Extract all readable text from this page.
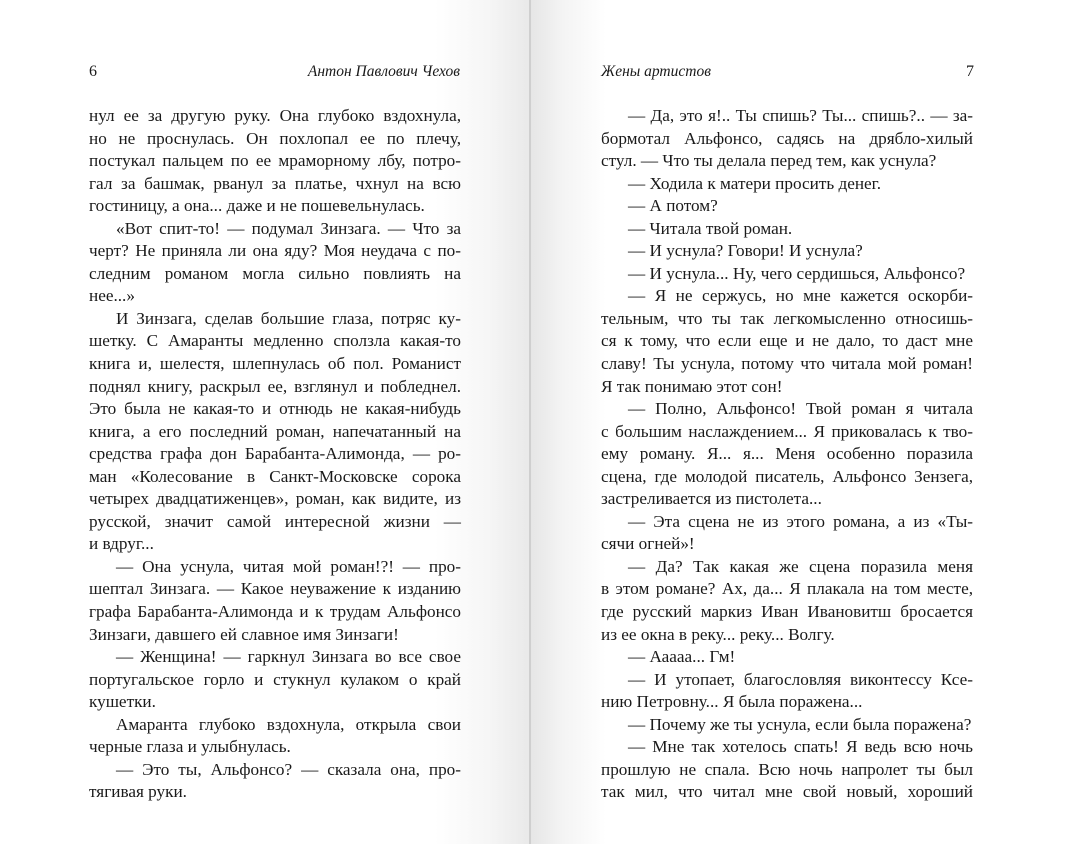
6	Антон Павлович Чехов
нул ее за другую руку. Она глубоко вздохнула,
но не проснулась. Он похлопал ее по плечу,
постукал пальцем по ее мраморному лбу, потро-
гал за башмак, рванул за платье, чхнул на всю
гостиницу, а она... даже и не пошевельнулась.
«Вот спит-то! — подумал Зинзага. — Что за
черт? Не приняла ли она яду? Моя неудача с по-
следним романом могла сильно повлиять на
нее...»
И Зинзага, сделав большие глаза, потряс ку-
шетку. С Амаранты медленно сползла какая-то
книга и, шелестя, шлепнулась об пол. Романист
поднял книгу, раскрыл ее, взглянул и побледнел.
Это была не какая-то и отнюдь не какая-нибудь
книга, а его последний роман, напечатанный на
средства графа дон Барабанта-Алимонда, — ро-
ман «Колесование в Санкт-Московске сорока
четырех двадцатиженцев», роман, как видите, из
русской, значит самой интересной жизни —
и вдруг...
— Она уснула, читая мой роман!?! — про-
шептал Зинзага. — Какое неуважение к изданию
графа Барабанта-Алимонда и к трудам Альфонсо
Зинзаги, давшего ей славное имя Зинзаги!
— Женщина! — гаркнул Зинзага во все свое
португальское горло и стукнул кулаком о край
кушетки.
Амаранта глубоко вздохнула, открыла свои
черные глаза и улыбнулась.
— Это ты, Альфонсо? — сказала она, про-
тягивая руки.
Жены артистов	7
— Да, это я!.. Ты спишь? Ты... спишь?.. — за-
бормотал Альфонсо, садясь на дрябло-хилый
стул. — Что ты делала перед тем, как уснула?
— Ходила к матери просить денег.
— А потом?
— Читала твой роман.
— И уснула? Говори! И уснула?
— И уснула... Ну, чего сердишься, Альфонсо?
— Я не сержусь, но мне кажется оскорби-
тельным, что ты так легкомысленно относишь-
ся к тому, что если еще и не дало, то даст мне
славу! Ты уснула, потому что читала мой роман!
Я так понимаю этот сон!
— Полно, Альфонсо! Твой роман я читала
с большим наслаждением... Я приковалась к тво-
ему роману. Я... я... Меня особенно поразила
сцена, где молодой писатель, Альфонсо Зензега,
застреливается из пистолета...
— Эта сцена не из этого романа, а из «Ты-
сячи огней»!
— Да? Так какая же сцена поразила меня
в этом романе? Ах, да... Я плакала на том месте,
где русский маркиз Иван Ивановитш бросается
из ее окна в реку... реку... Волгу.
— Ааааа... Гм!
— И утопает, благословляя виконтессу Ксе-
нию Петровну... Я была поражена...
— Почему же ты уснула, если была поражена?
— Мне так хотелось спать! Я ведь всю ночь
прошлую не спала. Всю ночь напролет ты был
так мил, что читал мне свой новый, хороший
